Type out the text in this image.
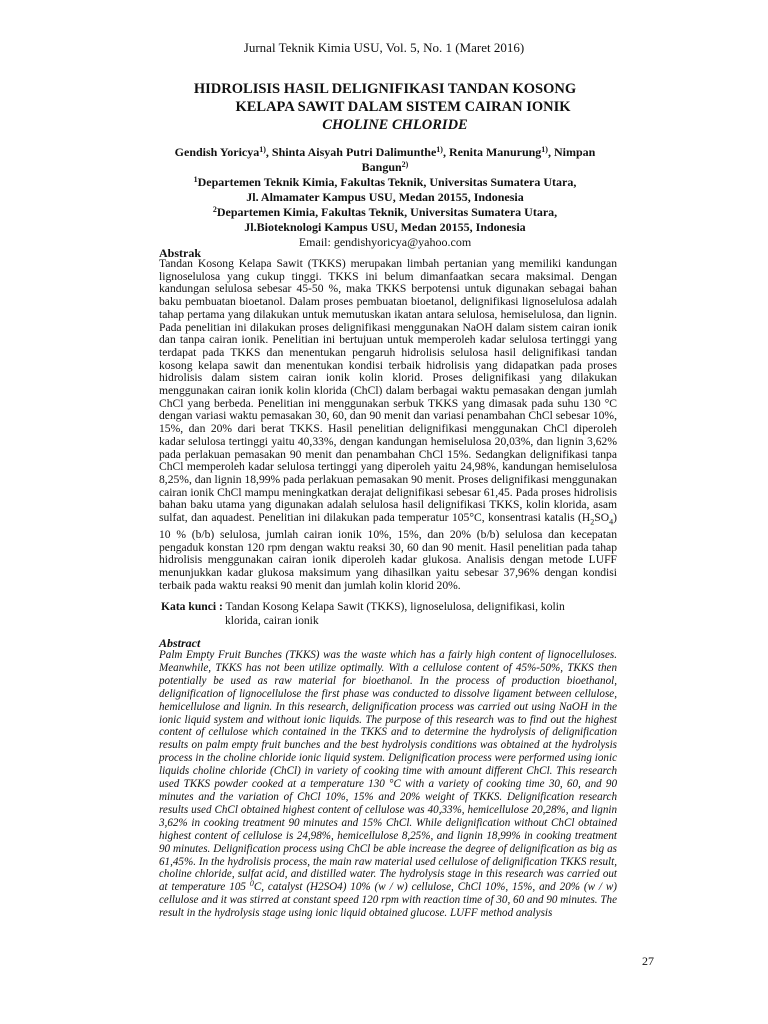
Jurnal Teknik Kimia USU, Vol. 5, No. 1 (Maret 2016)
HIDROLISIS HASIL DELIGNIFIKASI TANDAN KOSONG
KELAPA SAWIT DALAM SISTEM CAIRAN IONIK
CHOLINE CHLORIDE
Gendish Yoricya$^{1)}$, Shinta Aisyah Putri Dalimunthe$^{1)}$, Renita Manurung$^{1)}$, Nimpan Bangun$^{2)}$
$^1$Departemen Teknik Kimia, Fakultas Teknik, Universitas Sumatera Utara,
Jl. Almamater Kampus USU, Medan 20155, Indonesia
$^2$Departemen Kimia, Fakultas Teknik, Universitas Sumatera Utara,
Jl.Bioteknologi Kampus USU, Medan 20155, Indonesia
Email: gendishyoricya@yahoo.com
Abstrak
Tandan Kosong Kelapa Sawit (TKKS) merupakan limbah pertanian yang memiliki kandungan lignoselulosa yang cukup tinggi. TKKS ini belum dimanfaatkan secara maksimal. Dengan kandungan selulosa sebesar 45-50 %, maka TKKS berpotensi untuk digunakan sebagai bahan baku pembuatan bioetanol. Dalam proses pembuatan bioetanol, delignifikasi lignoselulosa adalah tahap pertama yang dilakukan untuk memutuskan ikatan antara selulosa, hemiselulosa, dan lignin. Pada penelitian ini dilakukan proses delignifikasi menggunakan NaOH dalam sistem cairan ionik dan tanpa cairan ionik. Penelitian ini bertujuan untuk memperoleh kadar selulosa tertinggi yang terdapat pada TKKS dan menentukan pengaruh hidrolisis selulosa hasil delignifikasi tandan kosong kelapa sawit dan menentukan kondisi terbaik hidrolisis yang didapatkan pada proses hidrolisis dalam sistem cairan ionik kolin klorid. Proses delignifikasi yang dilakukan menggunakan cairan ionik kolin klorida (ChCl) dalam berbagai waktu pemasakan dengan jumlah ChCl yang berbeda. Penelitian ini menggunakan serbuk TKKS yang dimasak pada suhu 130 °C dengan variasi waktu pemasakan 30, 60, dan 90 menit dan variasi penambahan ChCl sebesar 10%, 15%, dan 20% dari berat TKKS. Hasil penelitian delignifikasi menggunakan ChCl diperoleh kadar selulosa tertinggi yaitu 40,33%, dengan kandungan hemiselulosa 20,03%, dan lignin 3,62% pada perlakuan pemasakan 90 menit dan penambahan ChCl 15%. Sedangkan delignifikasi tanpa ChCl memperoleh kadar selulosa tertinggi yang diperoleh yaitu 24,98%, kandungan hemiselulosa 8,25%, dan lignin 18,99% pada perlakuan pemasakan 90 menit. Proses delignifikasi menggunakan cairan ionik ChCl mampu meningkatkan derajat delignifikasi sebesar 61,45. Pada proses hidrolisis bahan baku utama yang digunakan adalah selulosa hasil delignifikasi TKKS, kolin klorida, asam sulfat, dan aquadest. Penelitian ini dilakukan pada temperatur 105°C, konsentrasi katalis $(H_2SO_4)$ 10 % (b/b) selulosa, jumlah cairan ionik 10%, 15%, dan 20% (b/b) selulosa dan kecepatan pengaduk konstan 120 rpm dengan waktu reaksi 30, 60 dan 90 menit. Hasil penelitian pada tahap hidrolisis menggunakan cairan ionik diperoleh kadar glukosa. Analisis dengan metode LUFF menunjukkan kadar glukosa maksimum yang dihasilkan yaitu sebesar 37,96% dengan kondisi terbaik pada waktu reaksi 90 menit dan jumlah kolin klorid 20%.
Kata kunci : Tandan Kosong Kelapa Sawit (TKKS), lignoselulosa, delignifikasi, kolin
klorida, cairan ionik
Abstract
Palm Empty Fruit Bunches (TKKS) was the waste which has a fairly high content of lignocelluloses. Meanwhile, TKKS has not been utilize optimally. With a cellulose content of 45%-50%, TKKS then potentially be used as raw material for bioethanol. In the process of production bioethanol, delignification of lignocellulose the first phase was conducted to dissolve ligament between cellulose, hemicellulose and lignin. In this research, delignification process was carried out using NaOH in the ionic liquid system and without ionic liquids. The purpose of this research was to find out the highest content of cellulose which contained in the TKKS and to determine the hydrolysis of delignification results on palm empty fruit bunches and the best hydrolysis conditions was obtained at the hydrolysis process in the choline chloride ionic liquid system. Delignification process were performed using ionic liquids choline chloride (ChCl) in variety of cooking time with amount different ChCl. This research used TKKS powder cooked at a temperature 130 °C with a variety of cooking time 30, 60, and 90 minutes and the variation of ChCl 10%, 15% and 20% weight of TKKS. Delignification research results used ChCl obtained highest content of cellulose was 40,33%, hemicellulose 20,28%, and lignin 3,62% in cooking treatment 90 minutes and 15% ChCl. While delignification without ChCl obtained highest content of cellulose is 24,98%, hemicellulose 8,25%, and lignin 18,99% in cooking treatment 90 minutes. Delignification process using ChCl be able increase the degree of delignification as big as 61,45%. In the hydrolisis process, the main raw material used cellulose of delignification TKKS result, choline chloride, sulfat acid, and distilled water. The hydrolysis stage in this research was carried out at temperature 105 $^0$C, catalyst (H2SO4) 10% (w / w) cellulose, ChCl 10%, 15%, and 20% (w / w) cellulose and it was stirred at constant speed 120 rpm with reaction time of 30, 60 and 90 minutes. The result in the hydrolysis stage using ionic liquid obtained glucose. LUFF method analysis
27
